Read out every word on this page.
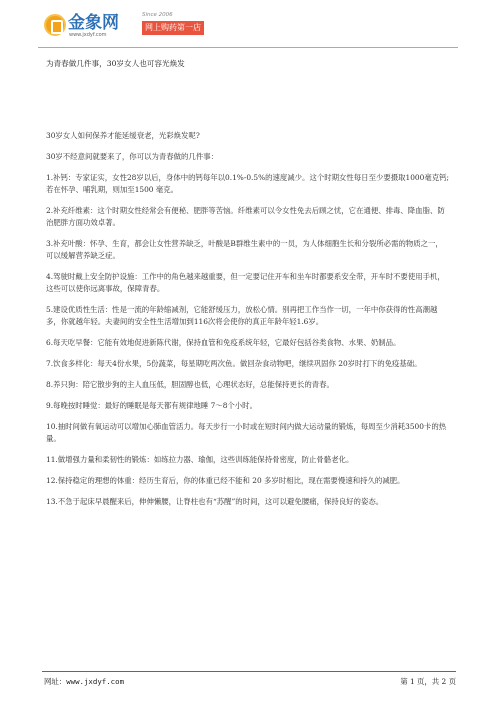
金象网
www.jxdyf.com
Since 2006
网上购药第一店
为青春做几件事，30岁女人也可容光焕发

30岁女人如何保养才能延缓衰老，光彩焕发呢?

30岁不经意间就要来了，你可以为青春做的几件事：

1.补钙：专家证实，女性28岁以后，身体中的钙每年以0.1%-0.5%的速度减少。这个时期女性每日至少要摄取1000毫克钙;若在怀孕、哺乳期，则加至1500 毫克。

2.补充纤维素：这个时期女性经常会有便秘、肥胖等苦恼。纤维素可以令女性免去后顾之忧，它在通便、排毒、降血脂、防治肥胖方面功效卓著。

3.补充叶酸：怀孕、生育，都会让女性营养缺乏，叶酸是B群维生素中的一员，为人体细胞生长和分裂所必需的物质之一，可以缓解营养缺乏症。

4.驾驶时戴上安全防护设施：工作中的角色越来越重要，但一定要记住开车和坐车时都要系安全带，开车时不要使用手机，这些可以使你远离事故，保障青春。

5.建设优质性生活：性是一流的年龄缩减剂，它能舒缓压力，放松心情。别再把工作当作一切，一年中你获得的性高潮越多，你就越年轻。夫妻间的安全性生活增加到116次将会使你的真正年龄年轻1.6岁。

6.每天吃早餐：它能有效地促进新陈代谢，保持血管和免疫系统年轻，它最好包括谷类食物、水果、奶制品。

7.饮食多样化：每天4份水果，5份蔬菜，每星期吃两次鱼。做回杂食动物吧，继续巩固你 20岁时打下的免疫基础。

8.养只狗：陪它散步狗的主人血压低，胆固醇也低，心理状态好，总能保持更长的青春。

9.每晚按时睡觉：最好的睡眠是每天都有规律地睡 7～8个小时。

10.抽时间做有氧运动可以增加心肺血管活力。每天步行一小时或在短时间内做大运动量的锻炼，每周至少消耗3500卡的热量。

11.做增强力量和柔韧性的锻炼：如练拉力器、瑜伽，这些训练能保持骨密度，防止骨骼老化。

12.保持稳定的理想的体重：经历生育后，你的体重已经不能和 20 多岁时相比，现在需要慢速和持久的减肥。

13.不急于起床早晨醒来后，伸伸懒腰，让脊柱也有“苏醒”的时间，这可以避免腰痛，保持良好的姿态。

网址：www.jxdyf.com	第 1 页，共 2 页
